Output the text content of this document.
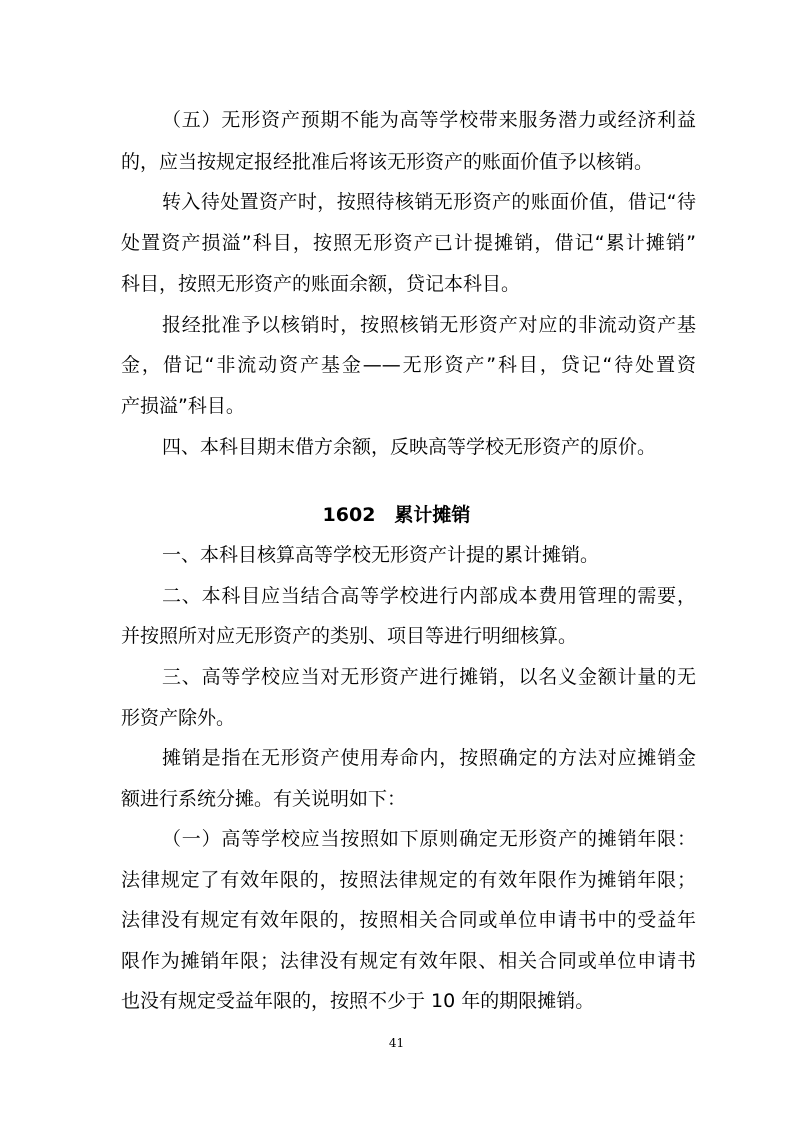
（五）无形资产预期不能为高等学校带来服务潜力或经济利益
的，应当按规定报经批准后将该无形资产的账面价值予以核销。
转入待处置资产时，按照待核销无形资产的账面价值，借记“待
处置资产损溢”科目，按照无形资产已计提摊销，借记“累计摊销”
科目，按照无形资产的账面余额，贷记本科目。
报经批准予以核销时，按照核销无形资产对应的非流动资产基
金，借记“非流动资产基金——无形资产”科目，贷记“待处置资
产损溢”科目。
四、本科目期末借方余额，反映高等学校无形资产的原价。
1602　累计摊销
一、本科目核算高等学校无形资产计提的累计摊销。
二、本科目应当结合高等学校进行内部成本费用管理的需要，
并按照所对应无形资产的类别、项目等进行明细核算。
三、高等学校应当对无形资产进行摊销，以名义金额计量的无
形资产除外。
摊销是指在无形资产使用寿命内，按照确定的方法对应摊销金
额进行系统分摊。有关说明如下：
（一）高等学校应当按照如下原则确定无形资产的摊销年限：
法律规定了有效年限的，按照法律规定的有效年限作为摊销年限；
法律没有规定有效年限的，按照相关合同或单位申请书中的受益年
限作为摊销年限；法律没有规定有效年限、相关合同或单位申请书
也没有规定受益年限的，按照不少于 10 年的期限摊销。
41
